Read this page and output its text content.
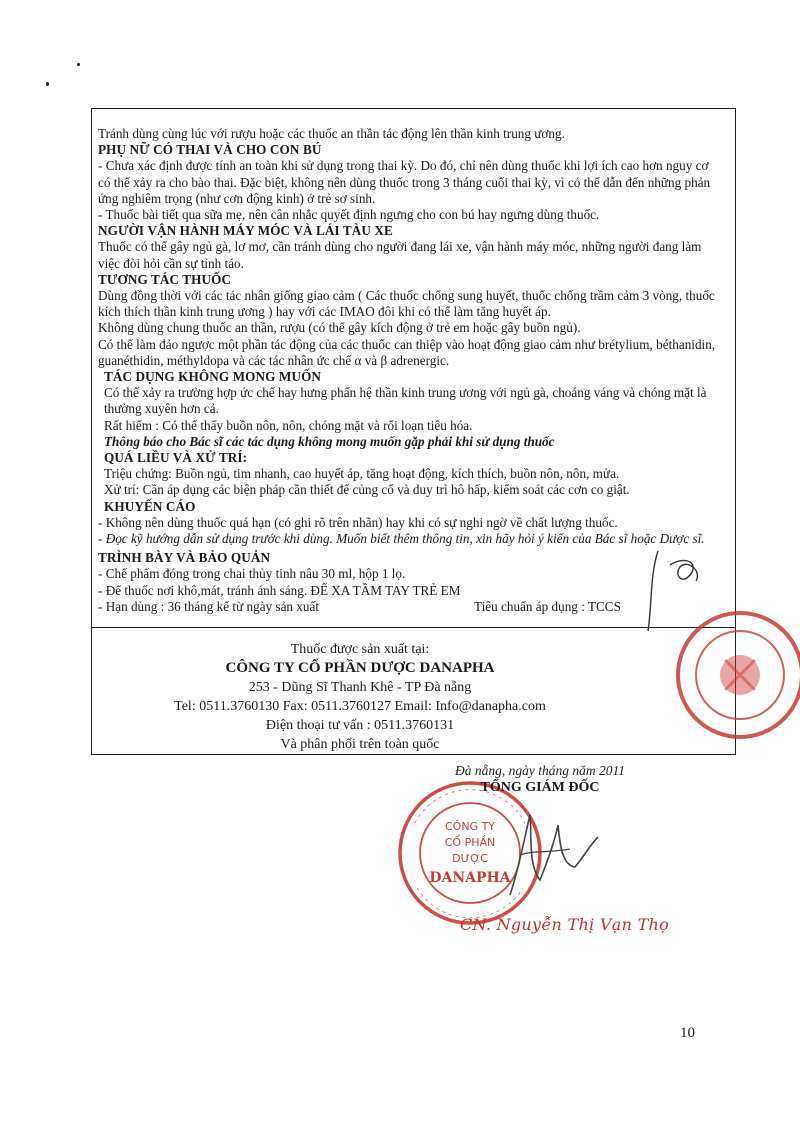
Tránh dùng cùng lúc với rượu hoặc các thuốc an thần tác động lên thần kinh trung ương.

PHỤ NỮ CÓ THAI VÀ CHO CON BÚ

- Chưa xác định được tính an toàn khi sử dụng trong thai kỳ. Do đó, chỉ nên dùng thuốc khi lợi ích cao hơn nguy cơ có thể xảy ra cho bào thai. Đặc biệt, không nên dùng thuốc trong 3 tháng cuối thai kỳ, vì có thể dẫn đến những phản ứng nghiêm trọng (như cơn động kinh) ở trẻ sơ sinh.

- Thuốc bài tiết qua sữa mẹ, nên cân nhắc quyết định ngưng cho con bú hay ngưng dùng thuốc.

NGƯỜI VẬN HÀNH MÁY MÓC VÀ LÁI TÀU XE

Thuốc có thể gây ngủ gà, lơ mơ, cần tránh dùng cho người đang lái xe, vận hành máy móc, những người đang làm việc đòi hỏi cần sự tỉnh táo.

TƯƠNG TÁC THUỐC

Dùng đồng thời với các tác nhân giống giao cảm ( Các thuốc chống sung huyết, thuốc chống trầm cảm 3 vòng, thuốc kích thích thần kinh trung ương ) hay với các IMAO đôi khi có thể làm tăng huyết áp.

Không dùng chung thuốc an thần, rượu (có thể gây kích động ở trẻ em hoặc gây buồn ngủ).

Có thể làm đảo ngược một phần tác động của các thuốc can thiệp vào hoạt động giao cảm như brétylium, béthanidin, guanéthidin, méthyldopa và các tác nhân ức chế α và β adrenergic.

TÁC DỤNG KHÔNG MONG MUỐN

Có thể xảy ra trường hợp ức chế hay hưng phấn hệ thần kinh trung ương với ngủ gà, choáng váng và chóng mặt là thường xuyên hơn cả.

Rất hiếm : Có thể thấy buồn nôn, nôn, chóng mặt và rối loạn tiêu hóa.

Thông báo cho Bác sĩ các tác dụng không mong muốn gặp phải khi sử dụng thuốc

QUÁ LIỀU VÀ XỬ TRÍ:

Triệu chứng: Buồn ngủ, tim nhanh, cao huyết áp, tăng hoạt động, kích thích, buồn nôn, nôn, mửa.

Xử trí: Cần áp dụng các biện pháp cần thiết để củng cố và duy trì hô hấp, kiểm soát các cơn co giật.

KHUYẾN CÁO

- Không nên dùng thuốc quá hạn (có ghi rõ trên nhãn) hay khi có sự nghi ngờ về chất lượng thuốc.

- Đọc kỹ hướng dẫn sử dụng trước khi dùng. Muốn biết thêm thông tin, xin hãy hỏi ý kiến của Bác sĩ hoặc Dược sĩ.

TRÌNH BÀY VÀ BẢO QUẢN

- Chế phẩm đóng trong chai thủy tinh nâu 30 ml, hộp 1 lọ.

- Để thuốc nơi khô,mát, tránh ánh sáng. ĐỂ XA TẦM TAY TRẺ EM

- Hạn dùng : 36 tháng kể từ ngày sản xuất	Tiêu chuẩn áp dụng : TCCS

Thuốc được sản xuất tại:

CÔNG TY CỔ PHẦN DƯỢC DANAPHA

253 - Dũng Sĩ Thanh Khê - TP Đà nẵng

Tel: 0511.3760130 Fax: 0511.3760127 Email: Info@danapha.com

Điện thoại tư vấn : 0511.3760131

Và phân phối trên toàn quốc

CÔNG TY
CỔ PHẦN
DƯỢC
DANAPHA
Đà nẵng, ngày tháng năm 2011
TỔNG GIÁM ĐỐC
CN. Nguyễn Thị Vạn Thọ
10
